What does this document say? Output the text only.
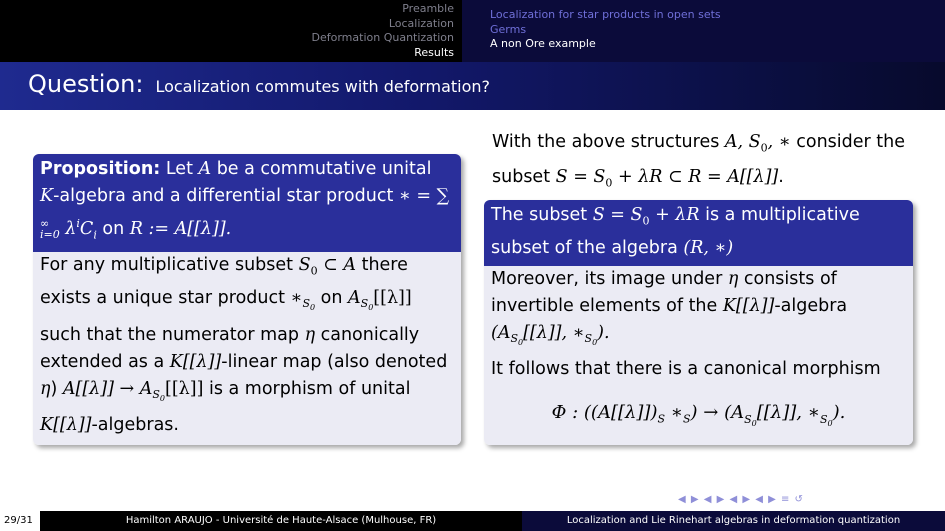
Preamble
Localization
Deformation Quantization
Results
Localization for star products in open sets
Germs
A non Ore example
Question: Localization commutes with deformation?
Proposition: Let A be a commutative unital K-algebra and a differential star product ∗ = ∑
∞
i=0 $\lambda^iC_i$ on R := A[[λ]].
For any multiplicative subset $S_0$ ⊂ A there exists a unique star product $∗_{S_0}$ on $A_{S_0}[[\lambda]]$ such that the numerator map η canonically extended as a K[[λ]]-linear map (also denoted η) $A[[\lambda]] \to A_{S_0}[[\lambda]]$ is a morphism of unital K[[λ]]-algebras.
With the above structures A, $S_0$, ∗ consider the subset $S = S_0 + \lambda R$ ⊂ R = A[[λ]].
The subset $S = S_0 + \lambda R$ is a multiplicative subset of the algebra (R, ∗)
Moreover, its image under η consists of invertible elements of the K[[λ]]-algebra ($A_{S_0}[[\lambda]]$, $∗_{S_0}$).
It follows that there is a canonical morphism
Φ : ($(A[[\lambda]])_S$ $∗_S) \to (A_{S_0}[[\lambda]]$, $∗_{S_0}$).
◀ ▶ ◀ ▶ ◀ ▶ ◀ ▶ ≡ ↺
29/31	Hamilton ARAUJO - Université de Haute-Alsace (Mulhouse, FR)	Localization and Lie Rinehart algebras in deformation quantization
